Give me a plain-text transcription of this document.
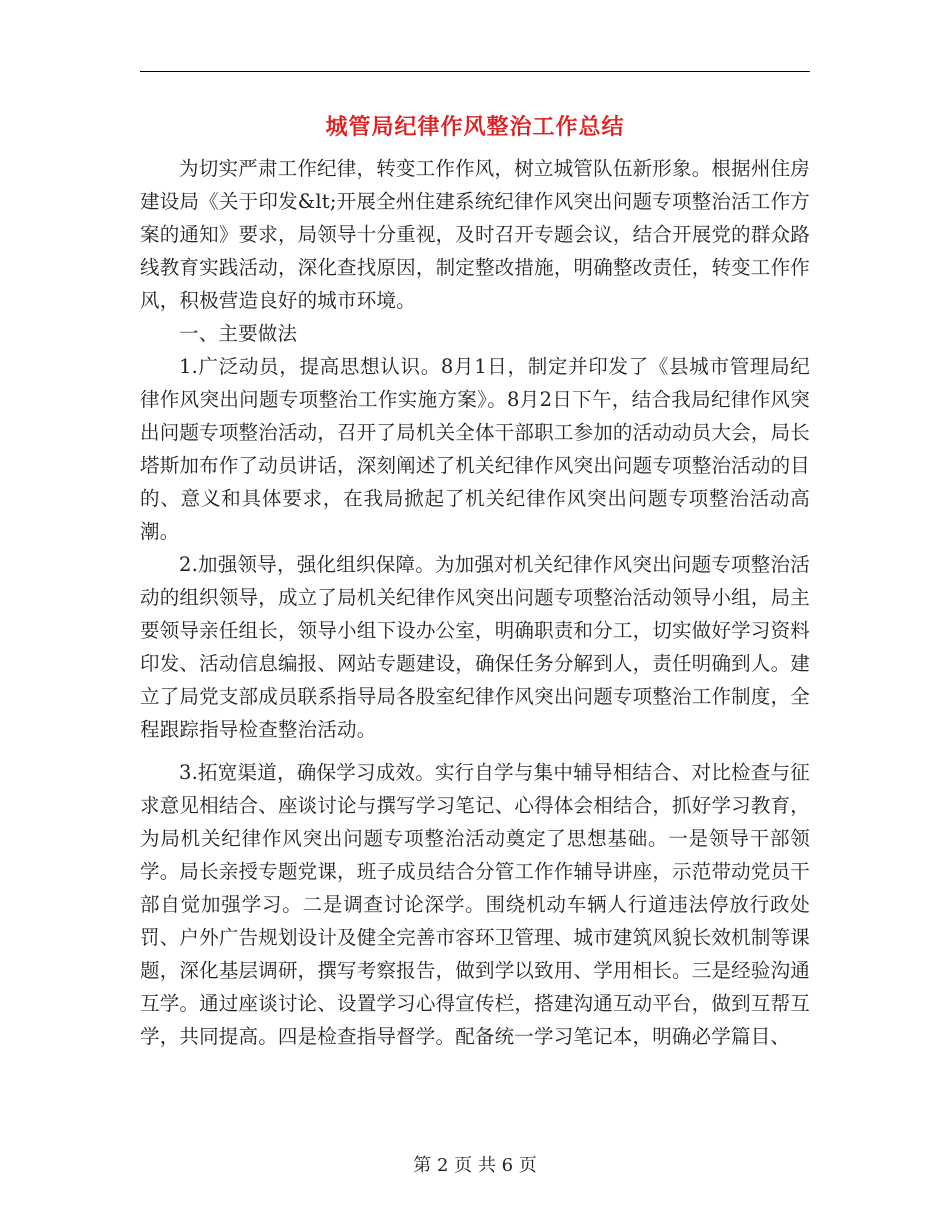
城管局纪律作风整治工作总结

为切实严肃工作纪律，转变工作作风，树立城管队伍新形象。根据州住房建设局《关于印发&lt;开展全州住建系统纪律作风突出问题专项整治活工作方案的通知》要求，局领导十分重视，及时召开专题会议，结合开展党的群众路线教育实践活动，深化查找原因，制定整改措施，明确整改责任，转变工作作风，积极营造良好的城市环境。

一、主要做法

1.广泛动员，提高思想认识。8月1日，制定并印发了《县城市管理局纪律作风突出问题专项整治工作实施方案》。8月2日下午，结合我局纪律作风突出问题专项整治活动，召开了局机关全体干部职工参加的活动动员大会，局长塔斯加布作了动员讲话，深刻阐述了机关纪律作风突出问题专项整治活动的目的、意义和具体要求，在我局掀起了机关纪律作风突出问题专项整治活动高潮。

2.加强领导，强化组织保障。为加强对机关纪律作风突出问题专项整治活动的组织领导，成立了局机关纪律作风突出问题专项整治活动领导小组，局主要领导亲任组长，领导小组下设办公室，明确职责和分工，切实做好学习资料印发、活动信息编报、网站专题建设，确保任务分解到人，责任明确到人。建立了局党支部成员联系指导局各股室纪律作风突出问题专项整治工作制度，全程跟踪指导检查整治活动。

3.拓宽渠道，确保学习成效。实行自学与集中辅导相结合、对比检查与征求意见相结合、座谈讨论与撰写学习笔记、心得体会相结合，抓好学习教育，为局机关纪律作风突出问题专项整治活动奠定了思想基础。一是领导干部领学。局长亲授专题党课，班子成员结合分管工作作辅导讲座，示范带动党员干部自觉加强学习。二是调查讨论深学。围绕机动车辆人行道违法停放行政处罚、户外广告规划设计及健全完善市容环卫管理、城市建筑风貌长效机制等课题，深化基层调研，撰写考察报告，做到学以致用、学用相长。三是经验沟通互学。通过座谈讨论、设置学习心得宣传栏，搭建沟通互动平台，做到互帮互学，共同提高。四是检查指导督学。配备统一学习笔记本，明确必学篇目、

第 2 页 共 6 页
